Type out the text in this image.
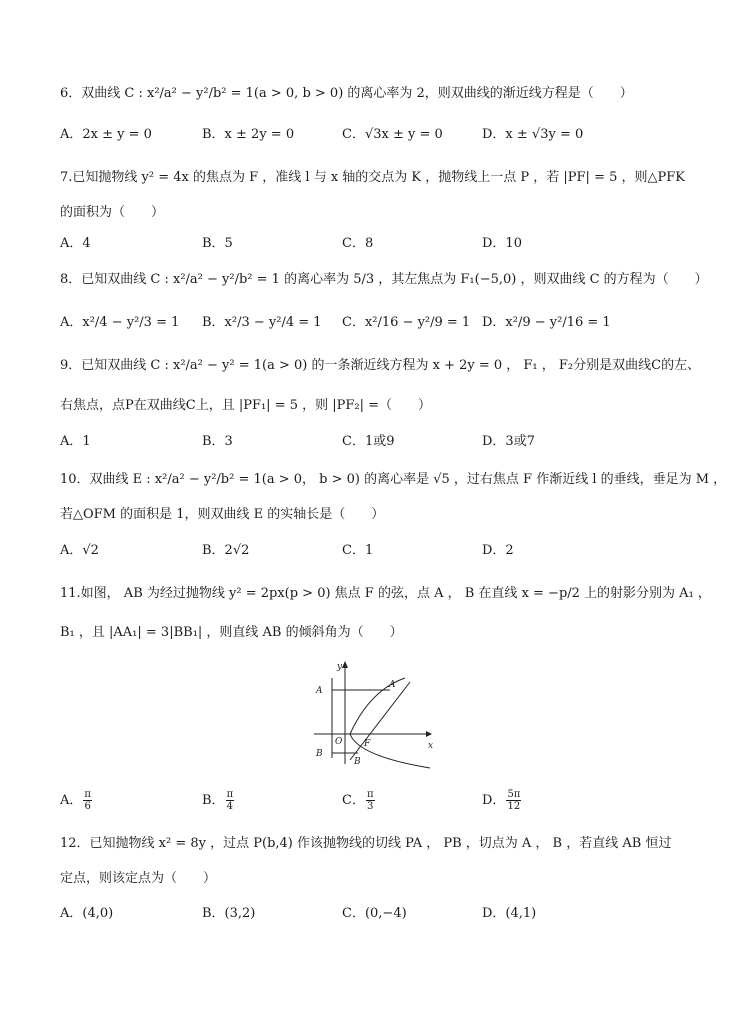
6．双曲线 C : x²/a² − y²/b² = 1(a > 0, b > 0) 的离心率为 2，则双曲线的渐近线方程是（　　）
A．2x ± y = 0	B．x ± 2y = 0	C．√3x ± y = 0	D．x ± √3y = 0
7.已知抛物线 y² = 4x 的焦点为 F ，准线 l 与 x 轴的交点为 K ，抛物线上一点 P ，若 |PF| = 5 ，则△PFK
的面积为（　　）
A．4	B．5	C．8	D．10
8．已知双曲线 C : x²/a² − y²/b² = 1 的离心率为 5/3 ，其左焦点为 F₁(−5,0) ，则双曲线 C 的方程为（　　）
A．x²/4 − y²/3 = 1 B．x²/3 − y²/4 = 1 C．x²/16 − y²/9 = 1 D．x²/9 − y²/16 = 1
9．已知双曲线 C : x²/a² − y² = 1(a > 0) 的一条渐近线方程为 x + 2y = 0 ， F₁ ， F₂分别是双曲线C的左、
右焦点，点P在双曲线C上，且 |PF₁| = 5 ，则 |PF₂| =（　　）
A．1	B．3	C．1或9	D．3或7
10．双曲线 E : x²/a² − y²/b² = 1(a > 0， b > 0) 的离心率是 √5 ，过右焦点 F 作渐近线 l 的垂线，垂足为 M ，
若△OFM 的面积是 1，则双曲线 E 的实轴长是（　　）
A．√2	B．2√2	C．1	D．2
11.如图， AB 为经过抛物线 y² = 2px(p > 0) 焦点 F 的弦，点 A ， B 在直线 x = −p/2 上的射影分别为 A₁ ，
B₁ ，且 |AA₁| = 3|BB₁| ，则直线 AB 的倾斜角为（　　）
y
x
A
B
A
B
O F
A． $\frac{\pi}{6}$	B． $\frac{\pi}{4}$	C． $\frac{\pi}{3}$	D． $\frac{5\pi}{12}$
12．已知抛物线 x² = 8y ，过点 P(b,4) 作该抛物线的切线 PA ， PB ，切点为 A ， B ，若直线 AB 恒过
定点，则该定点为（　　）
A．(4,0)	B．(3,2)	C．(0,−4)	D．(4,1)
